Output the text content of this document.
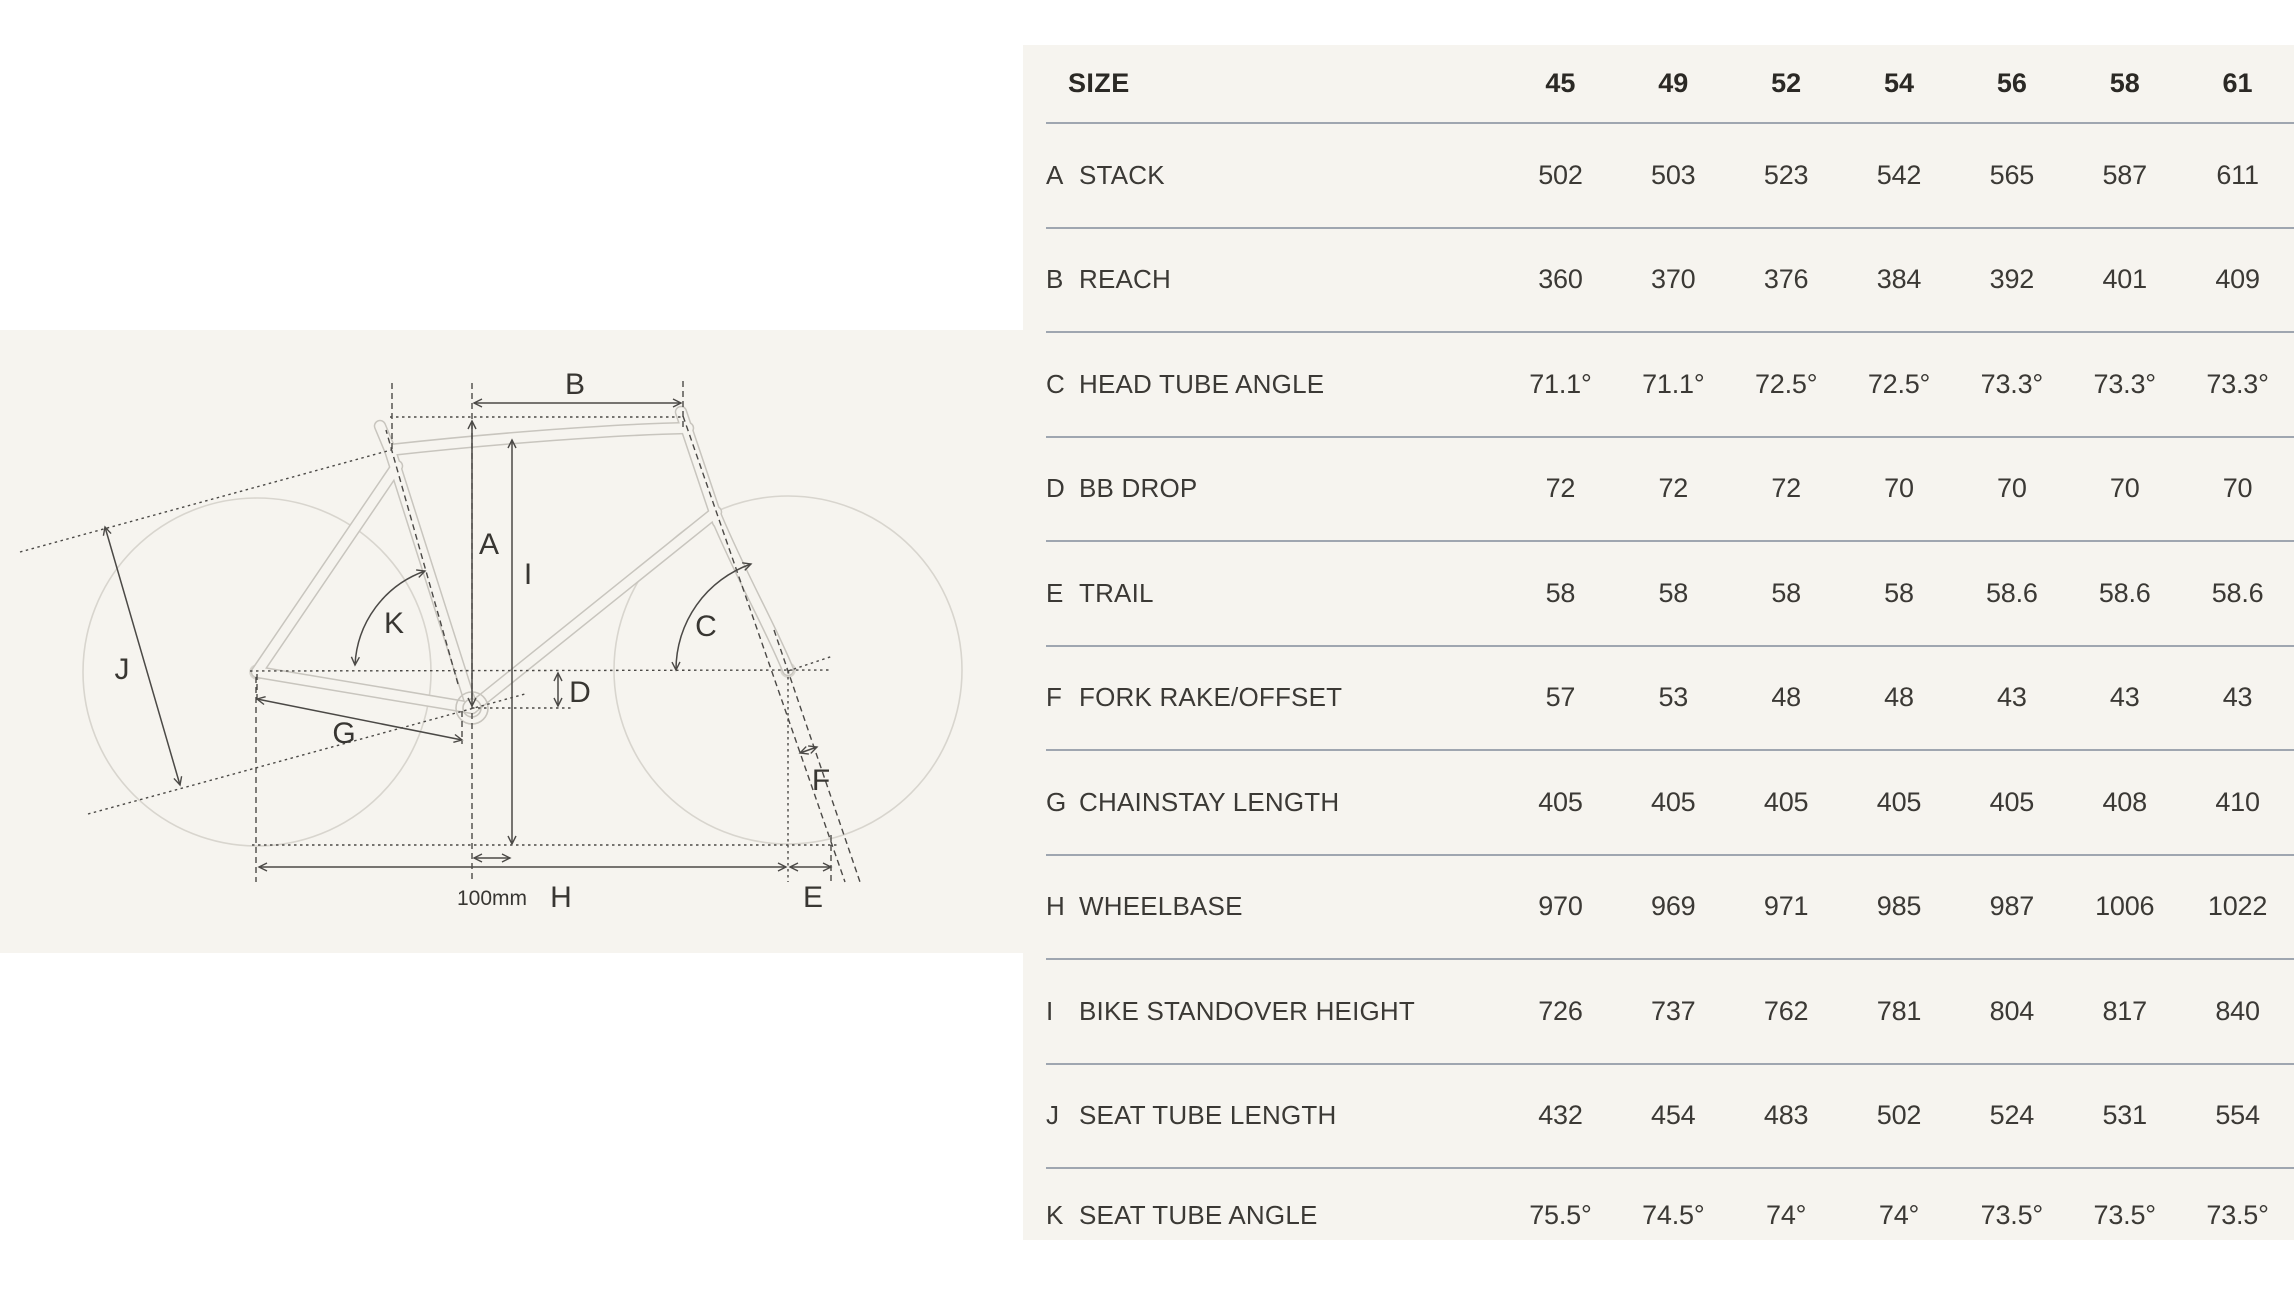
A
B
C
D
E
F
G
H
I
J
K
100mm
SIZE	45	49	52	54	56	58	61
A STACK	502	503	523	542	565	587	611
B REACH	360	370	376	384	392	401	409
C HEAD TUBE ANGLE	71.1°	71.1°	72.5°	72.5°	73.3°	73.3°	73.3°
D BB DROP	72	72	72	70	70	70	70
E TRAIL	58	58	58	58	58.6	58.6	58.6
F FORK RAKE/OFFSET	57	53	48	48	43	43	43
G CHAINSTAY LENGTH	405	405	405	405	405	408	410
H WHEELBASE	970	969	971	985	987	1006	1022
I BIKE STANDOVER HEIGHT	726	737	762	781	804	817	840
J SEAT TUBE LENGTH	432	454	483	502	524	531	554
K SEAT TUBE ANGLE	75.5°	74.5°	74°	74°	73.5°	73.5°	73.5°
